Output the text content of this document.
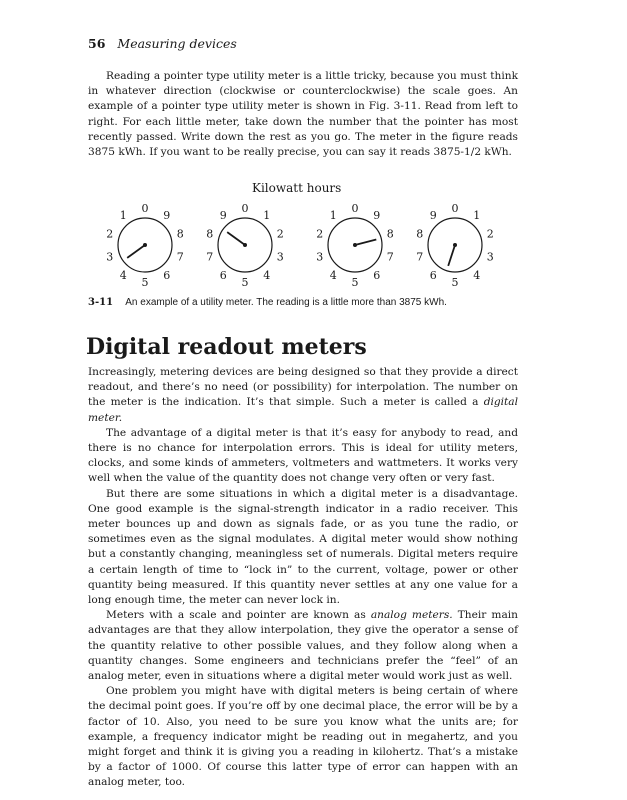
56 Measuring devices

Reading a pointer type utility meter is a little tricky, because you must think in whatever direction (clockwise or counterclockwise) the scale goes. An example of a pointer type utility meter is shown in Fig. 3-11. Read from left to right. For each little meter, take down the number that the pointer has most recently passed. Write down the rest as you go. The meter in the figure reads 3875 kWh. If you want to be really precise, you can say it reads 3875-1/2 kWh.

Kilowatt hours
0
1
2
3
4
5
6
7
8
9
0
1
2
3
4
5
6
7
8
9
0
1
2
3
4
5
6
7
8
9
0
1
2
3
4
5
6
7
8
9
3-11 An example of a utility meter. The reading is a little more than 3875 kWh.
Digital readout meters

Increasingly, metering devices are being designed so that they provide a direct readout, and there’s no need (or possibility) for interpolation. The number on the meter is the indication. It’s that simple. Such a meter is called a digital meter.

The advantage of a digital meter is that it’s easy for anybody to read, and there is no chance for interpolation errors. This is ideal for utility meters, clocks, and some kinds of ammeters, voltmeters and wattmeters. It works very well when the value of the quantity does not change very often or very fast.

But there are some situations in which a digital meter is a disadvantage. One good example is the signal-strength indicator in a radio receiver. This meter bounces up and down as signals fade, or as you tune the radio, or sometimes even as the signal modulates. A digital meter would show nothing but a constantly changing, meaningless set of numerals. Digital meters require a certain length of time to “lock in” to the current, voltage, power or other quantity being measured. If this quantity never settles at any one value for a long enough time, the meter can never lock in.

Meters with a scale and pointer are known as analog meters. Their main advantages are that they allow interpolation, they give the operator a sense of the quantity relative to other possible values, and they follow along when a quantity changes. Some engineers and technicians prefer the “feel” of an analog meter, even in situations where a digital meter would work just as well.

One problem you might have with digital meters is being certain of where the decimal point goes. If you’re off by one decimal place, the error will be by a factor of 10. Also, you need to be sure you know what the units are; for example, a frequency indicator might be reading out in megahertz, and you might forget and think it is giving you a reading in kilohertz. That’s a mistake by a factor of 1000. Of course this latter type of error can happen with an analog meter, too.
